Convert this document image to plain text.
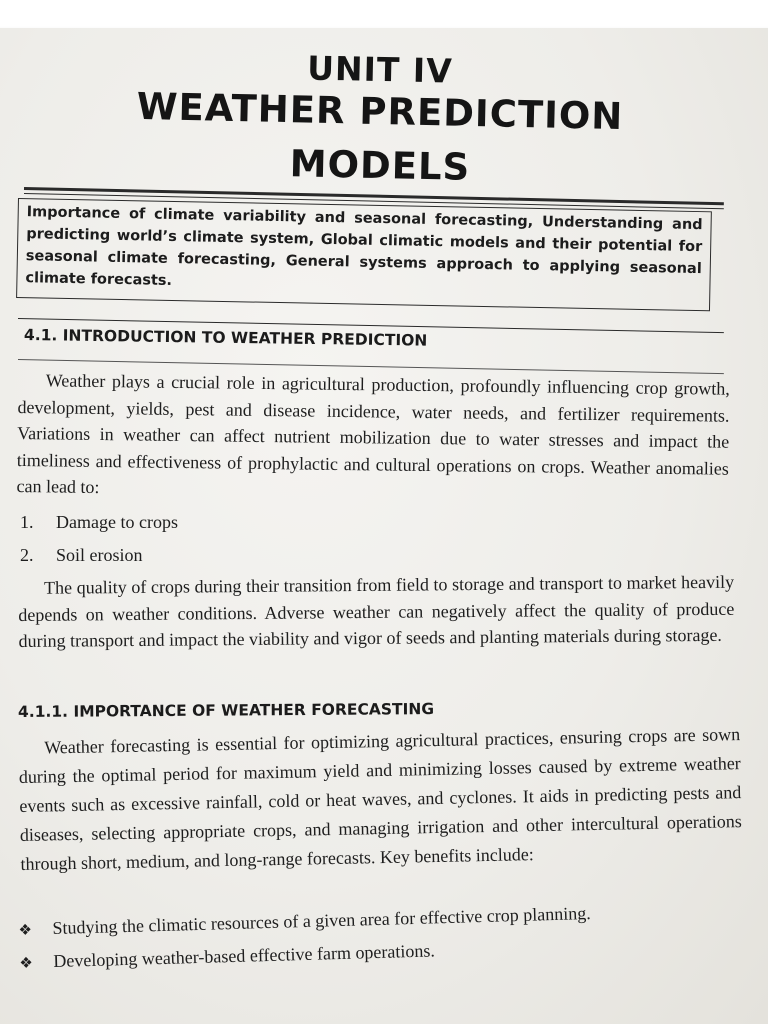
UNIT IV
WEATHER PREDICTION
MODELS

Importance of climate variability and seasonal forecasting, Understanding and predicting world’s climate system, Global climatic models and their potential for seasonal climate forecasting, General systems approach to applying seasonal climate forecasts.

4.1. INTRODUCTION TO WEATHER PREDICTION

Weather plays a crucial role in agricultural production, profoundly influencing crop growth, development, yields, pest and disease incidence, water needs, and fertilizer requirements. Variations in weather can affect nutrient mobilization due to water stresses and impact the timeliness and effectiveness of prophylactic and cultural operations on crops. Weather anomalies can lead to:

1. Damage to crops
2. Soil erosion

The quality of crops during their transition from field to storage and transport to market heavily depends on weather conditions. Adverse weather can negatively affect the quality of produce during transport and impact the viability and vigor of seeds and planting materials during storage.

4.1.1. IMPORTANCE OF WEATHER FORECASTING

Weather forecasting is essential for optimizing agricultural practices, ensuring crops are sown during the optimal period for maximum yield and minimizing losses caused by extreme weather events such as excessive rainfall, cold or heat waves, and cyclones. It aids in predicting pests and diseases, selecting appropriate crops, and managing irrigation and other intercultural operations through short, medium, and long-range forecasts. Key benefits include:

❖ Studying the climatic resources of a given area for effective crop planning.
❖ Developing weather-based effective farm operations.
